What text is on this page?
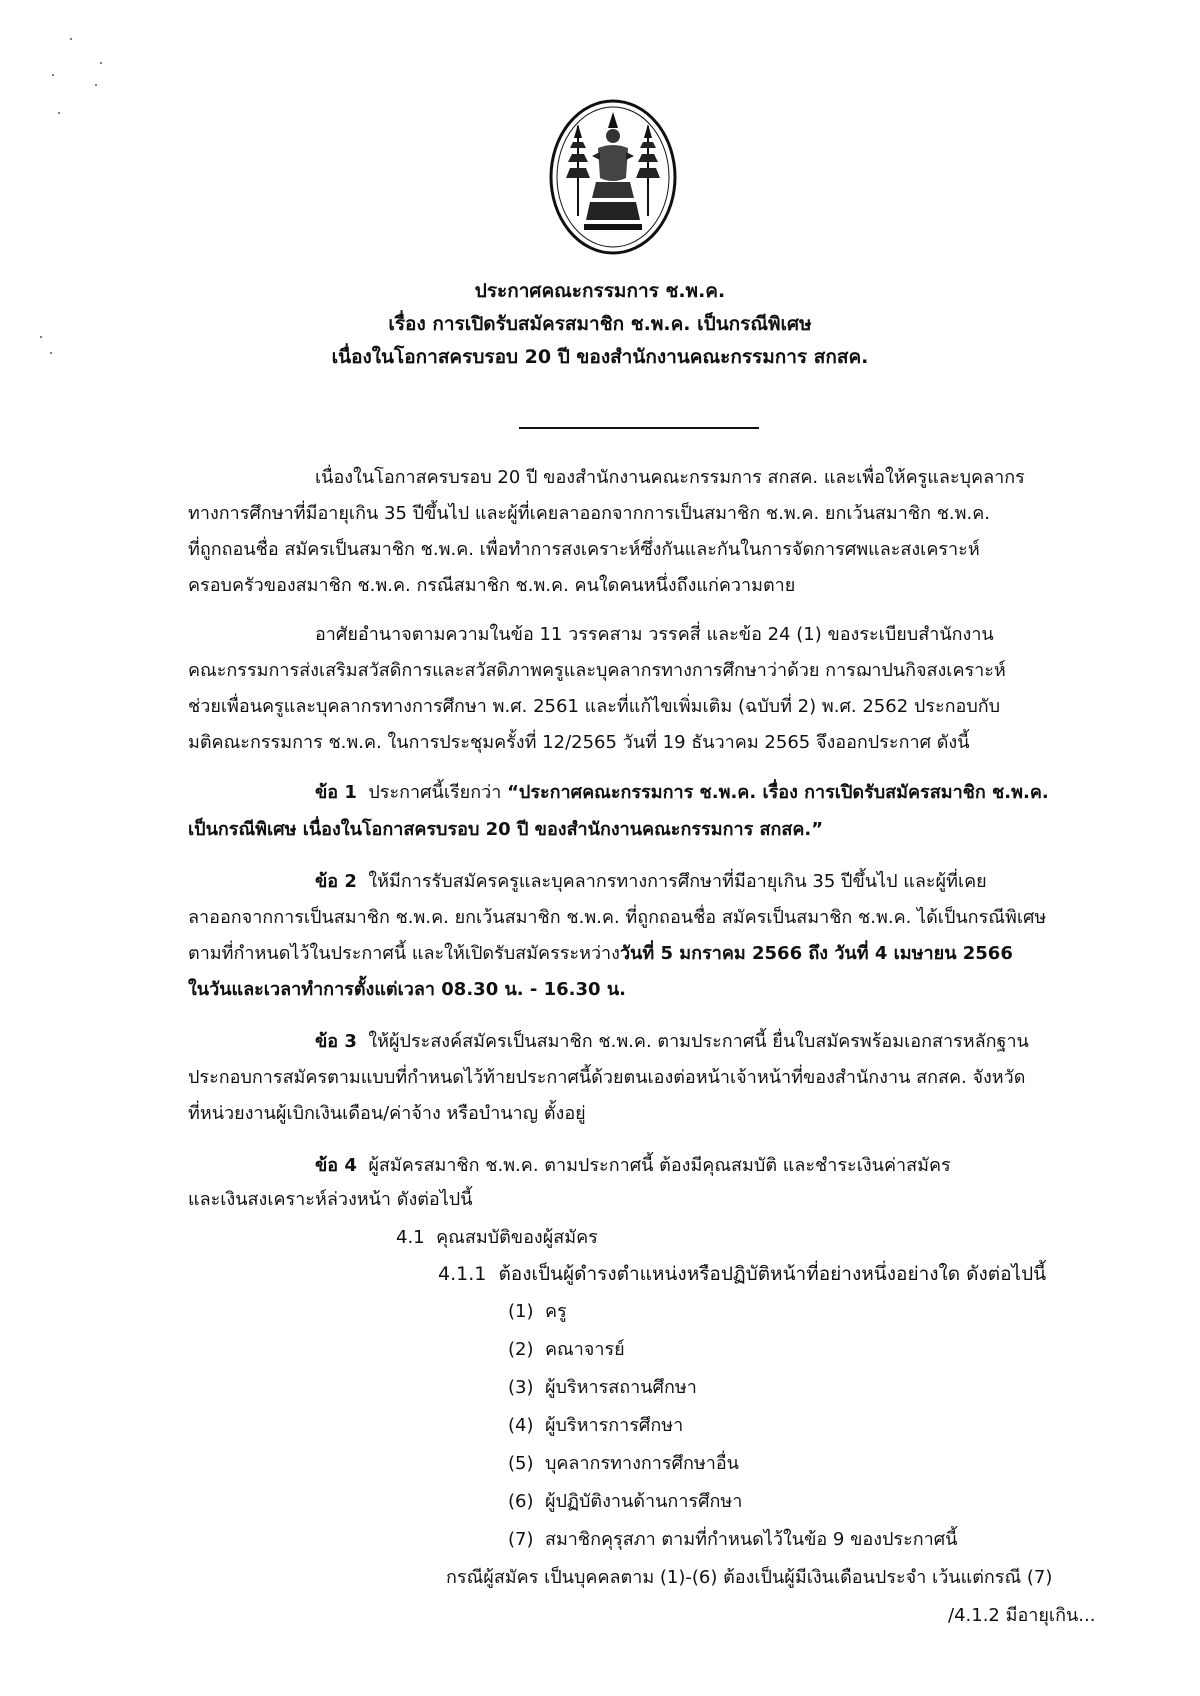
ประกาศคณะกรรมการ ช.พ.ค.
เรื่อง การเปิดรับสมัครสมาชิก ช.พ.ค. เป็นกรณีพิเศษ
เนื่องในโอกาสครบรอบ 20 ปี ของสำนักงานคณะกรรมการ สกสค.
เนื่องในโอกาสครบรอบ 20 ปี ของสำนักงานคณะกรรมการ สกสค. และเพื่อให้ครูและบุคลากร
ทางการศึกษาที่มีอายุเกิน 35 ปีขึ้นไป และผู้ที่เคยลาออกจากการเป็นสมาชิก ช.พ.ค. ยกเว้นสมาชิก ช.พ.ค.
ที่ถูกถอนชื่อ สมัครเป็นสมาชิก ช.พ.ค. เพื่อทำการสงเคราะห์ซึ่งกันและกันในการจัดการศพและสงเคราะห์
ครอบครัวของสมาชิก ช.พ.ค. กรณีสมาชิก ช.พ.ค. คนใดคนหนึ่งถึงแก่ความตาย
อาศัยอำนาจตามความในข้อ 11 วรรคสาม วรรคสี่ และข้อ 24 (1) ของระเบียบสำนักงาน
คณะกรรมการส่งเสริมสวัสดิการและสวัสดิภาพครูและบุคลากรทางการศึกษาว่าด้วย การฌาปนกิจสงเคราะห์
ช่วยเพื่อนครูและบุคลากรทางการศึกษา พ.ศ. 2561 และที่แก้ไขเพิ่มเติม (ฉบับที่ 2) พ.ศ. 2562 ประกอบกับ
มติคณะกรรมการ ช.พ.ค. ในการประชุมครั้งที่ 12/2565 วันที่ 19 ธันวาคม 2565 จึงออกประกาศ ดังนี้
ข้อ 1 ประกาศนี้เรียกว่า “ประกาศคณะกรรมการ ช.พ.ค. เรื่อง การเปิดรับสมัครสมาชิก ช.พ.ค.
เป็นกรณีพิเศษ เนื่องในโอกาสครบรอบ 20 ปี ของสำนักงานคณะกรรมการ สกสค.”
ข้อ 2 ให้มีการรับสมัครครูและบุคลากรทางการศึกษาที่มีอายุเกิน 35 ปีขึ้นไป และผู้ที่เคย
ลาออกจากการเป็นสมาชิก ช.พ.ค. ยกเว้นสมาชิก ช.พ.ค. ที่ถูกถอนชื่อ สมัครเป็นสมาชิก ช.พ.ค. ได้เป็นกรณีพิเศษ
ตามที่กำหนดไว้ในประกาศนี้ และให้เปิดรับสมัครระหว่างวันที่ 5 มกราคม 2566 ถึง วันที่ 4 เมษายน 2566
ในวันและเวลาทำการตั้งแต่เวลา 08.30 น. - 16.30 น.
ข้อ 3 ให้ผู้ประสงค์สมัครเป็นสมาชิก ช.พ.ค. ตามประกาศนี้ ยื่นใบสมัครพร้อมเอกสารหลักฐาน
ประกอบการสมัครตามแบบที่กำหนดไว้ท้ายประกาศนี้ด้วยตนเองต่อหน้าเจ้าหน้าที่ของสำนักงาน สกสค. จังหวัด
ที่หน่วยงานผู้เบิกเงินเดือน/ค่าจ้าง หรือบำนาญ ตั้งอยู่
ข้อ 4 ผู้สมัครสมาชิก ช.พ.ค. ตามประกาศนี้ ต้องมีคุณสมบัติ และชำระเงินค่าสมัคร
และเงินสงเคราะห์ล่วงหน้า ดังต่อไปนี้
4.1 คุณสมบัติของผู้สมัคร
4.1.1 ต้องเป็นผู้ดำรงตำแหน่งหรือปฏิบัติหน้าที่อย่างหนึ่งอย่างใด ดังต่อไปนี้
(1) ครู
(2) คณาจารย์
(3) ผู้บริหารสถานศึกษา
(4) ผู้บริหารการศึกษา
(5) บุคลากรทางการศึกษาอื่น
(6) ผู้ปฏิบัติงานด้านการศึกษา
(7) สมาชิกคุรุสภา ตามที่กำหนดไว้ในข้อ 9 ของประกาศนี้
กรณีผู้สมัคร เป็นบุคคลตาม (1)-(6) ต้องเป็นผู้มีเงินเดือนประจำ เว้นแต่กรณี (7)
/4.1.2 มีอายุเกิน...
